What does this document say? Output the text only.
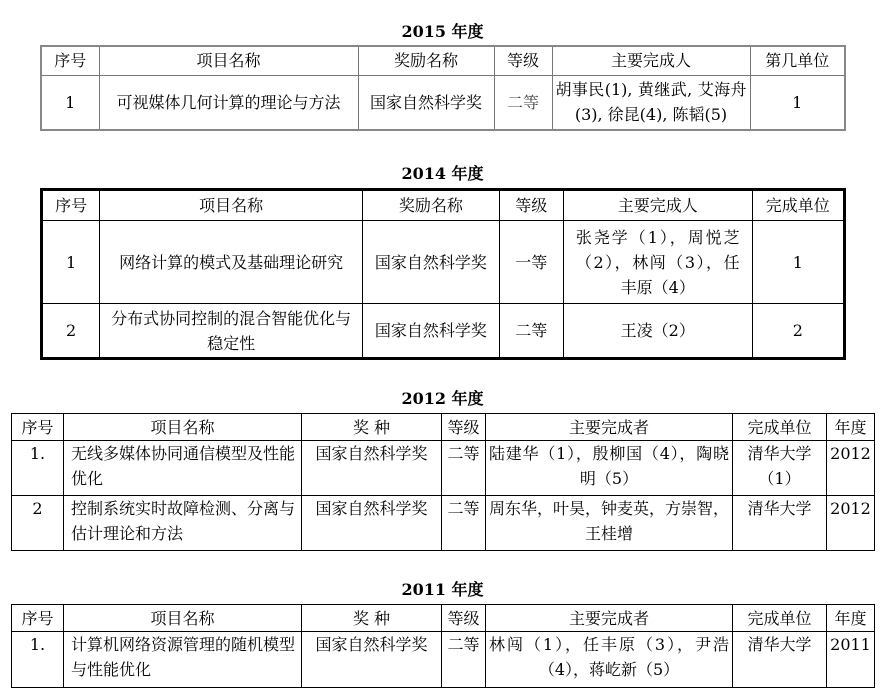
2015 年度
序号	项目名称	奖励名称	等级	主要完成人	第几单位
1	可视媒体几何计算的理论与方法	国家自然科学奖	二等	胡事民(1), 黄继武, 艾海舟(3), 徐昆(4), 陈韬(5)	1
2014 年度
序号	项目名称	奖励名称	等级	主要完成人	完成单位
1	网络计算的模式及基础理论研究	国家自然科学奖	一等	张尧学（1），周悦芝（2），林闯（3），任丰原（4）	1
2	分布式协同控制的混合智能优化与稳定性	国家自然科学奖	二等	王凌（2）	2
2012 年度
序号	项目名称	奖 种	等级	主要完成者	完成单位	年度
1.	无线多媒体协同通信模型及性能优化	国家自然科学奖	二等	陆建华（1），殷柳国（4），陶晓明（5）	清华大学（1）	2012
2	控制系统实时故障检测、分离与估计理论和方法	国家自然科学奖	二等	周东华，叶昊，钟麦英，方崇智，王桂增	清华大学	2012
2011 年度
序号	项目名称	奖 种	等级	主要完成者	完成单位	年度
1.	计算机网络资源管理的随机模型与性能优化	国家自然科学奖	二等	林闯（1），任丰原（3），尹浩（4），蒋屹新（5）	清华大学	2011
